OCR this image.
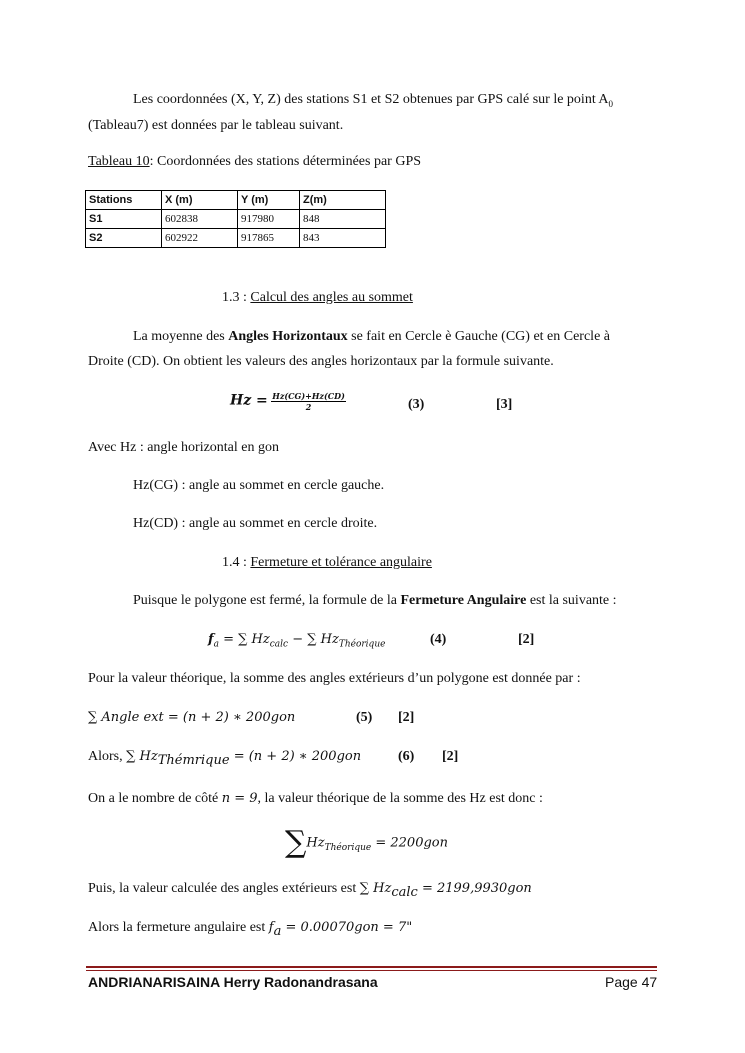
Les coordonnées (X, Y, Z) des stations S1 et S2 obtenues par GPS calé sur le point $A_0$
(Tableau7) est données par le tableau suivant.
Tableau 10: Coordonnées des stations déterminées par GPS
Stations	X (m)	Y (m)	Z(m)
S1	602838	917980	848
S2	602922	917865	843
1.3 : Calcul des angles au sommet
La moyenne des Angles Horizontaux se fait en Cercle è Gauche (CG) et en Cercle à
Droite (CD). On obtient les valeurs des angles horizontaux par la formule suivante.
$Hz = \frac{Hz(CG)+Hz(CD)}{2}$	(3)	[3]
Avec Hz : angle horizontal en gon
Hz(CG) : angle au sommet en cercle gauche.
Hz(CD) : angle au sommet en cercle droite.
1.4 : Fermeture et tolérance angulaire
Puisque le polygone est fermé, la formule de la Fermeture Angulaire est la suivante :
$f_a$ = ∑ $Hz_{calc}$ − ∑ $Hz_{Théorique}$	(4)	[2]
Pour la valeur théorique, la somme des angles extérieurs d’un polygone est donnée par :
∑ Angle ext = (n + 2) ∗ 200gon	(5) [2]
Alors, ∑ $Hz_{Thémrique} = (n + 2)$ ∗ 200gon	(6) [2]
On a le nombre de côté n = 9, la valeur théorique de la somme des Hz est donc :
$\sum Hz_{Théorique} = 2200gon$
Puis, la valeur calculée des angles extérieurs est ∑ $Hz_{calc} = 2199,9930gon$
Alors la fermeture angulaire est $f_a = 0.00070gon = 7$"
ANDRIANARISAINA Herry Radonandrasana	Page 47
